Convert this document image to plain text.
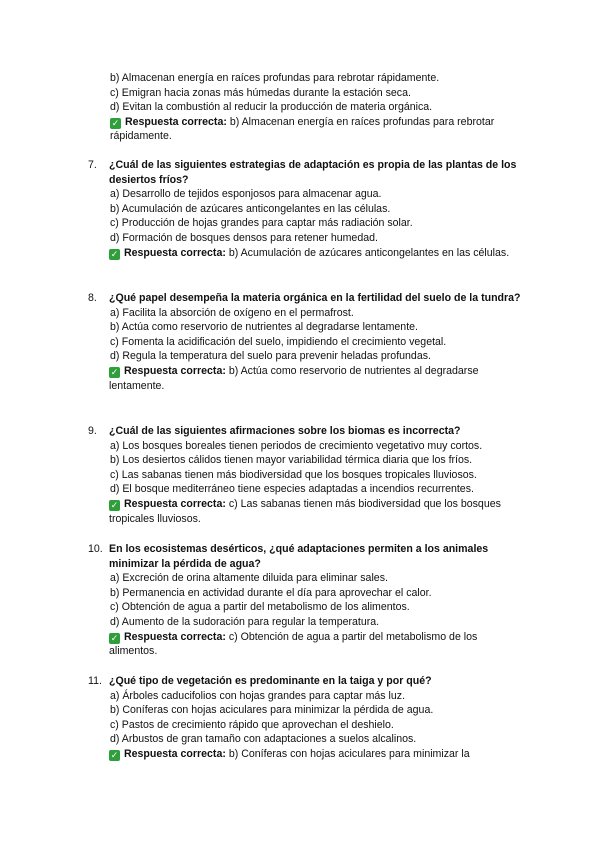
b) Almacenan energía en raíces profundas para rebrotar rápidamente.
c) Emigran hacia zonas más húmedas durante la estación seca.
d) Evitan la combustión al reducir la producción de materia orgánica.
✓ Respuesta correcta: b) Almacenan energía en raíces profundas para rebrotar rápidamente.
7. ¿Cuál de las siguientes estrategias de adaptación es propia de las plantas de los desiertos fríos?
a) Desarrollo de tejidos esponjosos para almacenar agua.
b) Acumulación de azúcares anticongelantes en las células.
c) Producción de hojas grandes para captar más radiación solar.
d) Formación de bosques densos para retener humedad.
✓ Respuesta correcta: b) Acumulación de azúcares anticongelantes en las células.
8. ¿Qué papel desempeña la materia orgánica en la fertilidad del suelo de la tundra?
a) Facilita la absorción de oxígeno en el permafrost.
b) Actúa como reservorio de nutrientes al degradarse lentamente.
c) Fomenta la acidificación del suelo, impidiendo el crecimiento vegetal.
d) Regula la temperatura del suelo para prevenir heladas profundas.
✓ Respuesta correcta: b) Actúa como reservorio de nutrientes al degradarse lentamente.
9. ¿Cuál de las siguientes afirmaciones sobre los biomas es incorrecta?
a) Los bosques boreales tienen periodos de crecimiento vegetativo muy cortos.
b) Los desiertos cálidos tienen mayor variabilidad térmica diaria que los fríos.
c) Las sabanas tienen más biodiversidad que los bosques tropicales lluviosos.
d) El bosque mediterráneo tiene especies adaptadas a incendios recurrentes.
✓ Respuesta correcta: c) Las sabanas tienen más biodiversidad que los bosques tropicales lluviosos.
10. En los ecosistemas desérticos, ¿qué adaptaciones permiten a los animales minimizar la pérdida de agua?
a) Excreción de orina altamente diluida para eliminar sales.
b) Permanencia en actividad durante el día para aprovechar el calor.
c) Obtención de agua a partir del metabolismo de los alimentos.
d) Aumento de la sudoración para regular la temperatura.
✓ Respuesta correcta: c) Obtención de agua a partir del metabolismo de los alimentos.
11. ¿Qué tipo de vegetación es predominante en la taiga y por qué?
a) Árboles caducifolios con hojas grandes para captar más luz.
b) Coníferas con hojas aciculares para minimizar la pérdida de agua.
c) Pastos de crecimiento rápido que aprovechan el deshielo.
d) Arbustos de gran tamaño con adaptaciones a suelos alcalinos.
✓ Respuesta correcta: b) Coníferas con hojas aciculares para minimizar la
